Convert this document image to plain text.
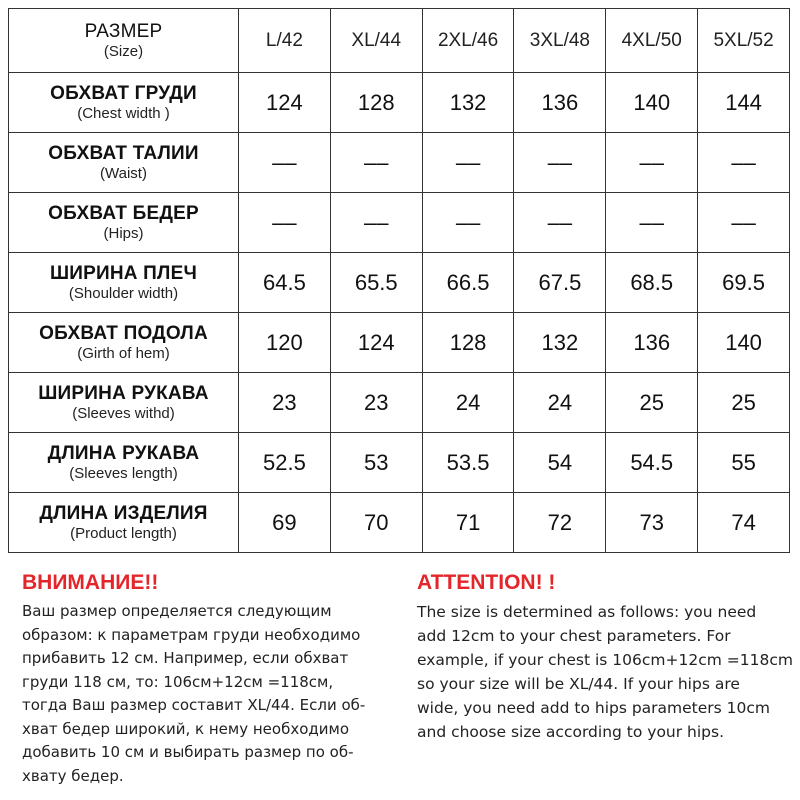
РАЗМЕР
(Size)	L/42	XL/44	2XL/46	3XL/48	4XL/50	5XL/52

ОБХВАТ ГРУДИ
(Chest width )	124	128	132	136	140	144

ОБХВАТ ТАЛИИ
(Waist)	––	––	––	––	––	––

ОБХВАТ БЕДЕР
(Hips)	––	––	––	––	––	––

ШИРИНА ПЛЕЧ
(Shoulder width)	64.5	65.5	66.5	67.5	68.5	69.5

ОБХВАТ ПОДОЛА
(Girth of hem)	120	124	128	132	136	140

ШИРИНА РУКАВА
(Sleeves withd)	23	23	24	24	25	25

ДЛИНА РУКАВА
(Sleeves length)	52.5	53	53.5	54	54.5	55

ДЛИНА ИЗДЕЛИЯ
(Product length)	69	70	71	72	73	74
ВНИМАНИЕ!!
Ваш размер определяется следующим
образом: к параметрам груди необходимо
прибавить 12 см. Например, если обхват
груди 118 см, то: 106см+12см =118см,
тогда Ваш размер составит XL/44. Если об-
хват бедер широкий, к нему необходимо
добавить 10 см и выбирать размер по об-
хвату бедер.
ATTENTION! !
The size is determined as follows: you need
add 12cm to your chest parameters. For
example, if your chest is 106cm+12cm =118cm
so your size will be XL/44. If your hips are
wide, you need add to hips parameters 10cm
and choose size according to your hips.
